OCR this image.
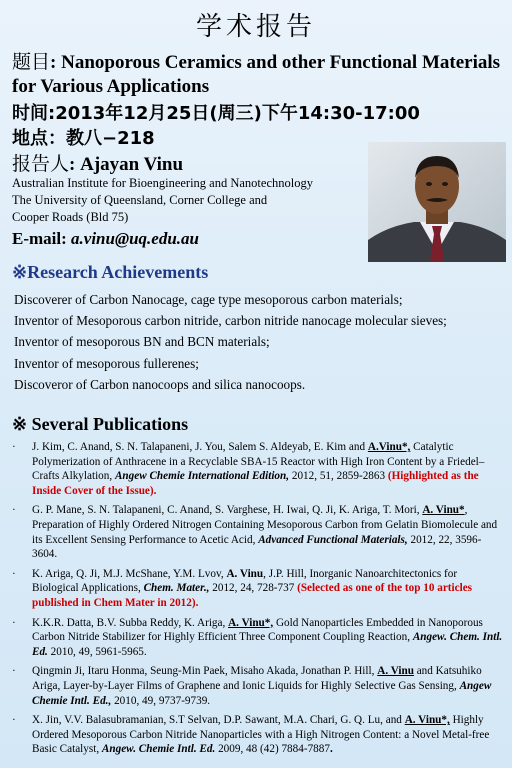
学术报告
题目: Nanoporous Ceramics and other Functional Materials for Various Applications
时间:2013年12月25日(周三)下午14:30-17:00
地点：教八−218
报告人: Ajayan Vinu
Australian Institute for Bioengineering and Nanotechnology
The University of Queensland, Corner College and
Cooper Roads (Bld 75)
E-mail: a.vinu@uq.edu.au
※Research Achievements
Discoverer of Carbon Nanocage, cage type mesoporous carbon materials;
Inventor of Mesoporous carbon nitride, carbon nitride nanocage molecular sieves;
Inventor of mesoporous BN and BCN materials;
Inventor of mesoporous fullerenes;
Discoveror of Carbon nanocoops and silica nanocoops.
※ Several Publications
· J. Kim, C. Anand, S. N. Talapaneni, J. You, Salem S. Aldeyab, E. Kim and A.Vinu*, Catalytic Polymerization of Anthracene in a Recyclable SBA-15 Reactor with High Iron Content by a Friedel–Crafts Alkylation, Angew Chemie International Edition, 2012, 51, 2859-2863 (Highlighted as the Inside Cover of the Issue).
· G. P. Mane, S. N. Talapaneni, C. Anand, S. Varghese, H. Iwai, Q. Ji, K. Ariga, T. Mori, A. Vinu*, Preparation of Highly Ordered Nitrogen Containing Mesoporous Carbon from Gelatin Biomolecule and its Excellent Sensing Performance to Acetic Acid, Advanced Functional Materials, 2012, 22, 3596-3604.
· K. Ariga, Q. Ji, M.J. McShane, Y.M. Lvov, A. Vinu, J.P. Hill, Inorganic Nanoarchitectonics for Biological Applications, Chem. Mater., 2012, 24, 728-737 (Selected as one of the top 10 articles published in Chem Mater in 2012).
· K.K.R. Datta, B.V. Subba Reddy, K. Ariga, A. Vinu*, Gold Nanoparticles Embedded in Nanoporous Carbon Nitride Stabilizer for Highly Efficient Three Component Coupling Reaction, Angew. Chem. Intl. Ed. 2010, 49, 5961-5965.
· Qingmin Ji, Itaru Honma, Seung-Min Paek, Misaho Akada, Jonathan P. Hill, A. Vinu and Katsuhiko Ariga, Layer-by-Layer Films of Graphene and Ionic Liquids for Highly Selective Gas Sensing, Angew Chemie Intl. Ed., 2010, 49, 9737-9739.
· X. Jin, V.V. Balasubramanian, S.T Selvan, D.P. Sawant, M.A. Chari, G. Q. Lu, and A. Vinu*, Highly Ordered Mesoporous Carbon Nitride Nanoparticles with a High Nitrogen Content: a Novel Metal-free Basic Catalyst, Angew. Chemie Intl. Ed. 2009, 48 (42) 7884-7887.
